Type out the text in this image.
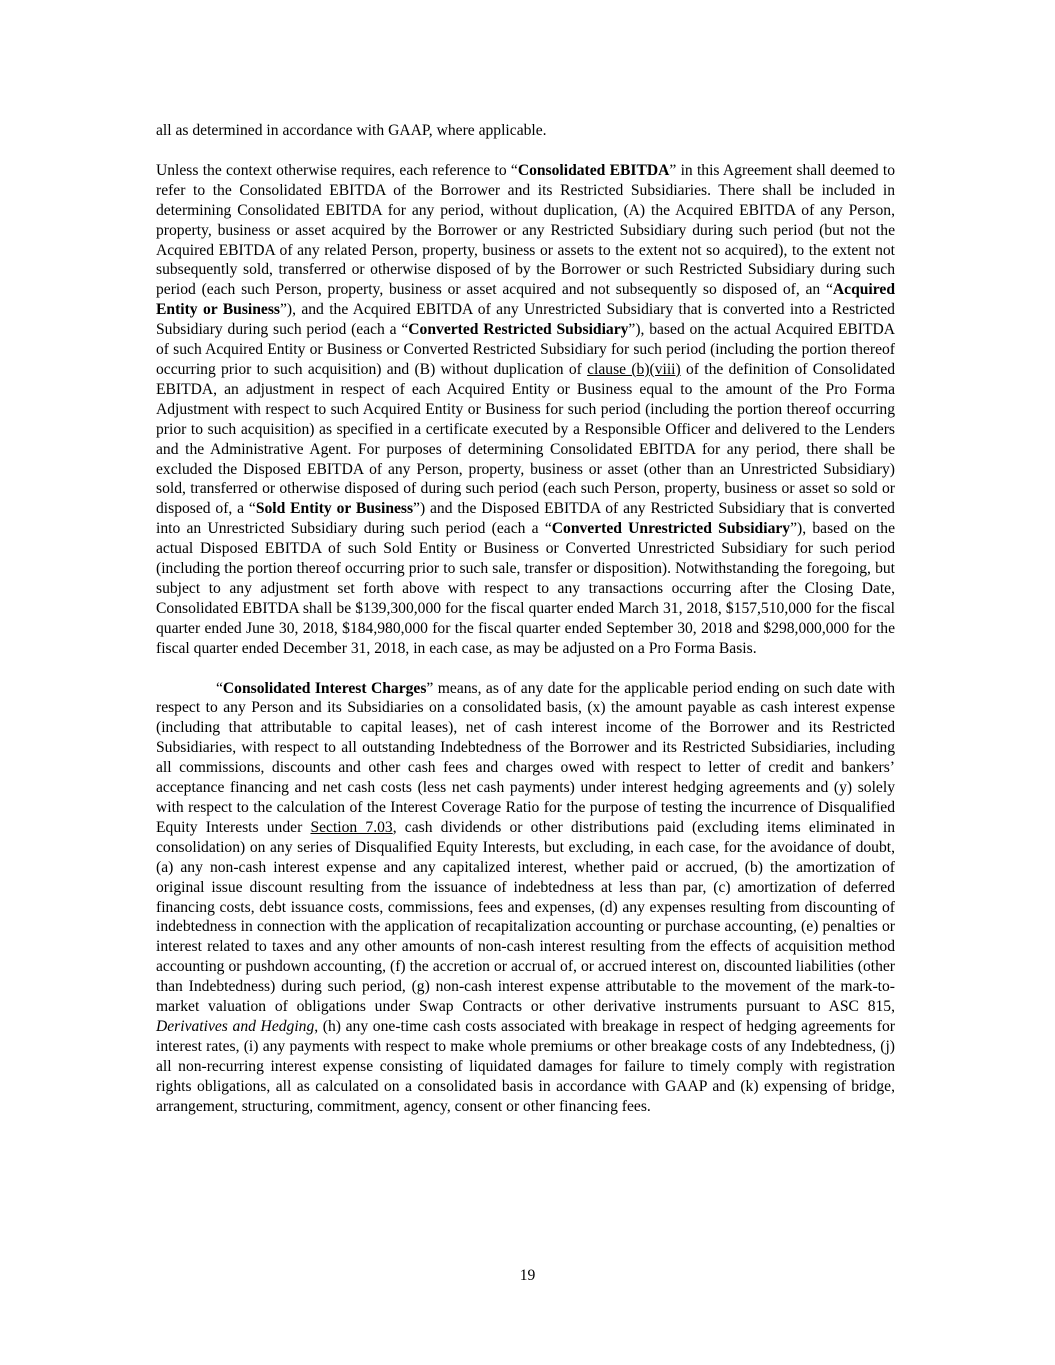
all as determined in accordance with GAAP, where applicable.

Unless the context otherwise requires, each reference to “Consolidated EBITDA” in this Agreement shall deemed to refer to the Consolidated EBITDA of the Borrower and its Restricted Subsidiaries. There shall be included in determining Consolidated EBITDA for any period, without duplication, (A) the Acquired EBITDA of any Person, property, business or asset acquired by the Borrower or any Restricted Subsidiary during such period (but not the Acquired EBITDA of any related Person, property, business or assets to the extent not so acquired), to the extent not subsequently sold, transferred or otherwise disposed of by the Borrower or such Restricted Subsidiary during such period (each such Person, property, business or asset acquired and not subsequently so disposed of, an “Acquired Entity or Business”), and the Acquired EBITDA of any Unrestricted Subsidiary that is converted into a Restricted Subsidiary during such period (each a “Converted Restricted Subsidiary”), based on the actual Acquired EBITDA of such Acquired Entity or Business or Converted Restricted Subsidiary for such period (including the portion thereof occurring prior to such acquisition) and (B) without duplication of clause (b)(viii) of the definition of Consolidated EBITDA, an adjustment in respect of each Acquired Entity or Business equal to the amount of the Pro Forma Adjustment with respect to such Acquired Entity or Business for such period (including the portion thereof occurring prior to such acquisition) as specified in a certificate executed by a Responsible Officer and delivered to the Lenders and the Administrative Agent. For purposes of determining Consolidated EBITDA for any period, there shall be excluded the Disposed EBITDA of any Person, property, business or asset (other than an Unrestricted Subsidiary) sold, transferred or otherwise disposed of during such period (each such Person, property, business or asset so sold or disposed of, a “Sold Entity or Business”) and the Disposed EBITDA of any Restricted Subsidiary that is converted into an Unrestricted Subsidiary during such period (each a “Converted Unrestricted Subsidiary”), based on the actual Disposed EBITDA of such Sold Entity or Business or Converted Unrestricted Subsidiary for such period (including the portion thereof occurring prior to such sale, transfer or disposition). Notwithstanding the foregoing, but subject to any adjustment set forth above with respect to any transactions occurring after the Closing Date, Consolidated EBITDA shall be $139,300,000 for the fiscal quarter ended March 31, 2018, $157,510,000 for the fiscal quarter ended June 30, 2018, $184,980,000 for the fiscal quarter ended September 30, 2018 and $298,000,000 for the fiscal quarter ended December 31, 2018, in each case, as may be adjusted on a Pro Forma Basis.

“Consolidated Interest Charges” means, as of any date for the applicable period ending on such date with respect to any Person and its Subsidiaries on a consolidated basis, (x) the amount payable as cash interest expense (including that attributable to capital leases), net of cash interest income of the Borrower and its Restricted Subsidiaries, with respect to all outstanding Indebtedness of the Borrower and its Restricted Subsidiaries, including all commissions, discounts and other cash fees and charges owed with respect to letter of credit and bankers’ acceptance financing and net cash costs (less net cash payments) under interest hedging agreements and (y) solely with respect to the calculation of the Interest Coverage Ratio for the purpose of testing the incurrence of Disqualified Equity Interests under Section 7.03, cash dividends or other distributions paid (excluding items eliminated in consolidation) on any series of Disqualified Equity Interests, but excluding, in each case, for the avoidance of doubt, (a) any non-cash interest expense and any capitalized interest, whether paid or accrued, (b) the amortization of original issue discount resulting from the issuance of indebtedness at less than par, (c) amortization of deferred financing costs, debt issuance costs, commissions, fees and expenses, (d) any expenses resulting from discounting of indebtedness in connection with the application of recapitalization accounting or purchase accounting, (e) penalties or interest related to taxes and any other amounts of non-cash interest resulting from the effects of acquisition method accounting or pushdown accounting, (f) the accretion or accrual of, or accrued interest on, discounted liabilities (other than Indebtedness) during such period, (g) non-cash interest expense attributable to the movement of the mark-to-market valuation of obligations under Swap Contracts or other derivative instruments pursuant to ASC 815, Derivatives and Hedging, (h) any one-time cash costs associated with breakage in respect of hedging agreements for interest rates, (i) any payments with respect to make whole premiums or other breakage costs of any Indebtedness, (j) all non-recurring interest expense consisting of liquidated damages for failure to timely comply with registration rights obligations, all as calculated on a consolidated basis in accordance with GAAP and (k) expensing of bridge, arrangement, structuring, commitment, agency, consent or other financing fees.

19
